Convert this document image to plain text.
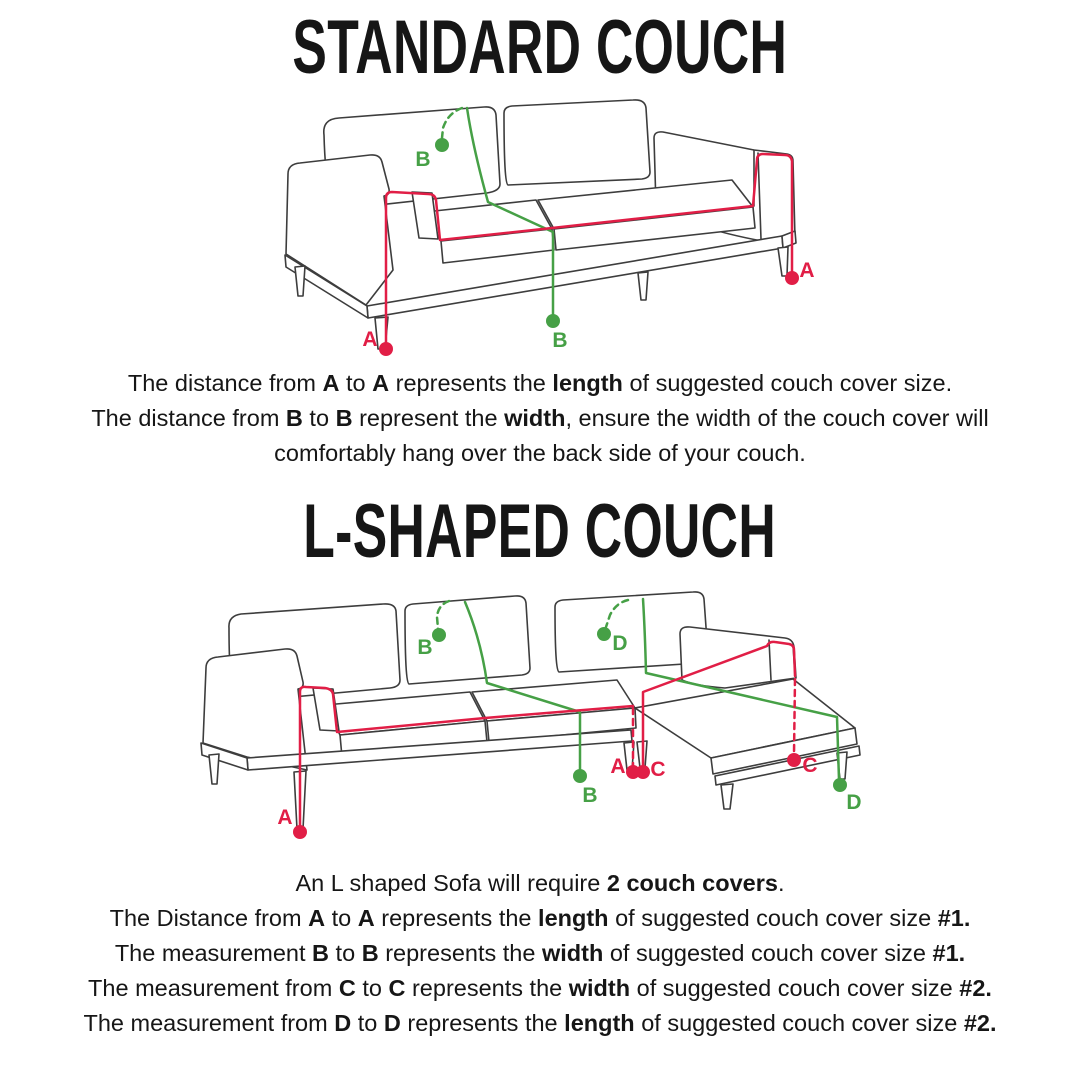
STANDARD COUCH
B
B
A
A
The distance from A to A represents the length of suggested couch cover size.
The distance from B to B represent the width, ensure the width of the couch cover will
comfortably hang over the back side of your couch.
L-SHAPED COUCH
B
B
D
D
A
A C	C
An L shaped Sofa will require 2 couch covers.
The Distance from A to A represents the length of suggested couch cover size #1.
The measurement B to B represents the width of suggested couch cover size #1.
The measurement from C to C represents the width of suggested couch cover size #2.
The measurement from D to D represents the length of suggested couch cover size #2.
